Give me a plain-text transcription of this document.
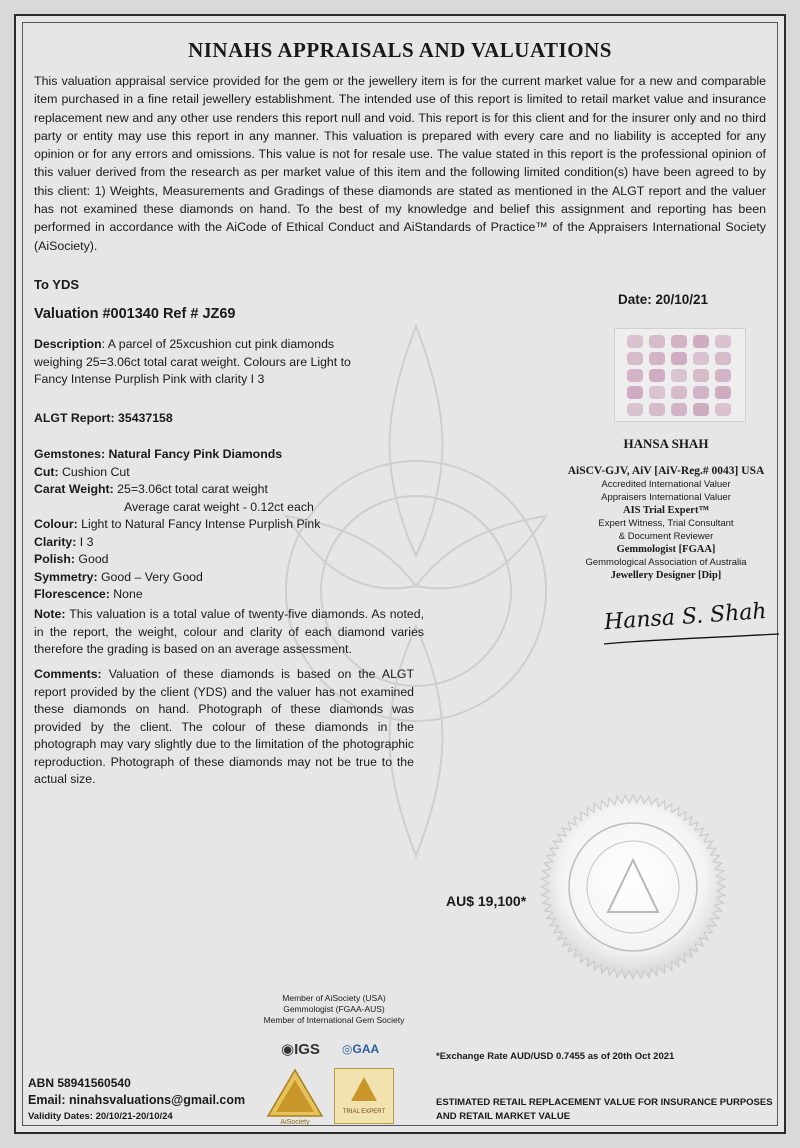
NINAHS APPRAISALS AND VALUATIONS
This valuation appraisal service provided for the gem or the jewellery item is for the current market value for a new and comparable item purchased in a fine retail jewellery establishment. The intended use of this report is limited to retail market value and insurance replacement new and any other use renders this report null and void. This report is for this client and for the insurer only and no third party or entity may use this report in any manner. This valuation is prepared with every care and no liability is accepted for any opinion or for any errors and omissions. This value is not for resale use. The value stated in this report is the professional opinion of this valuer derived from the research as per market value of this item and the following limited condition(s) have been agreed to by this client: 1) Weights, Measurements and Gradings of these diamonds are stated as mentioned in the ALGT report and the valuer has not examined these diamonds on hand. To the best of my knowledge and belief this assignment and reporting has been performed in accordance with the AiCode of Ethical Conduct and AiStandards of Practice™ of the Appraisers International Society (AiSociety).
To YDS
Valuation #001340 Ref # JZ69
Date: 20/10/21
Description: A parcel of 25xcushion cut pink diamonds weighing 25=3.06ct total carat weight. Colours are Light to Fancy Intense Purplish Pink with clarity I 3
ALGT Report: 35437158
Gemstones: Natural Fancy Pink Diamonds
Cut: Cushion Cut
Carat Weight: 25=3.06ct total carat weight
Average carat weight - 0.12ct each
Colour: Light to Natural Fancy Intense Purplish Pink
Clarity: I 3
Polish: Good
Symmetry: Good – Very Good
Florescence: None
Note: This valuation is a total value of twenty-five diamonds. As noted, in the report, the weight, colour and clarity of each diamond varies therefore the grading is based on an average assessment.
Comments: Valuation of these diamonds is based on the ALGT report provided by the client (YDS) and the valuer has not examined these diamonds on hand. Photograph of these diamonds was provided by the client. The colour of these diamonds in the photograph may vary slightly due to the limitation of the photographic reproduction. Photograph of these diamonds may not be true to the actual size.
HANSA SHAH
AiSCV-GJV, AiV [AiV-Reg.# 0043] USA
Accredited International Valuer
Appraisers International Valuer
AIS Trial Expert™
Expert Witness, Trial Consultant
& Document Reviewer
Gemmologist [FGAA]
Gemmological Association of Australia
Jewellery Designer [Dip]
Hansa S. Shah
AU$ 19,100*
Member of AiSociety (USA)
Gemmologist (FGAA-AUS)
Member of International Gem Society
◉IGS ◎GAA
AiSociety
TRIAL EXPERT
*Exchange Rate AUD/USD 0.7455 as of 20th Oct 2021
ABN 58941560540
Email: ninahsvaluations@gmail.com
Validity Dates: 20/10/21-20/10/24
ESTIMATED RETAIL REPLACEMENT VALUE FOR INSURANCE PURPOSES
AND RETAIL MARKET VALUE
